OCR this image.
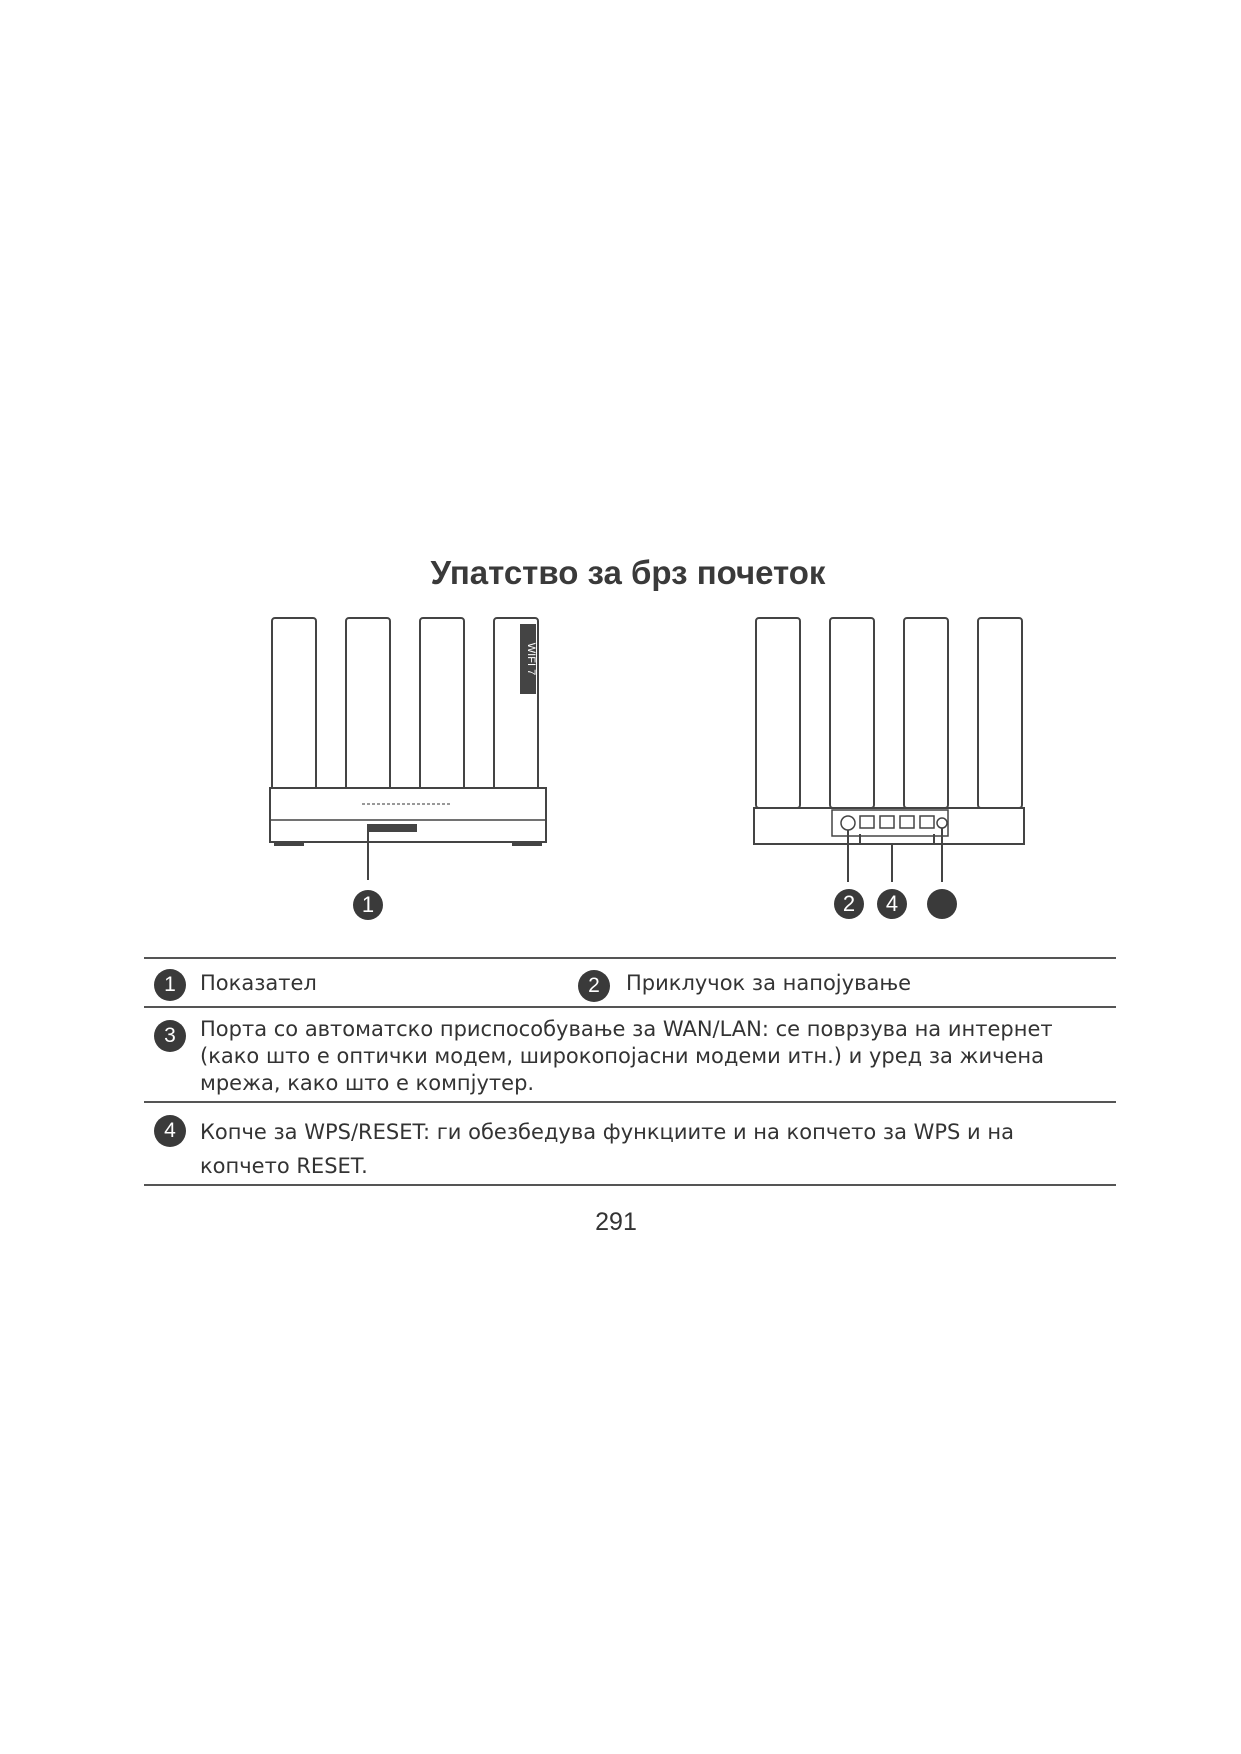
Упатство за брз почеток
WIFI 7
1	2	4
1	Показател	2	Приклучок за напојување
3	Порта со автоматско приспособување за WAN/LAN: се поврзува на интернет
(како што е оптички модем, широкопојасни модеми итн.) и уред за жичена
мрежа, како што е компјутер.
4	Копче за WPS/RESET: ги обезбедува функциите и на копчето за WPS и на
копчето RESET.
291
